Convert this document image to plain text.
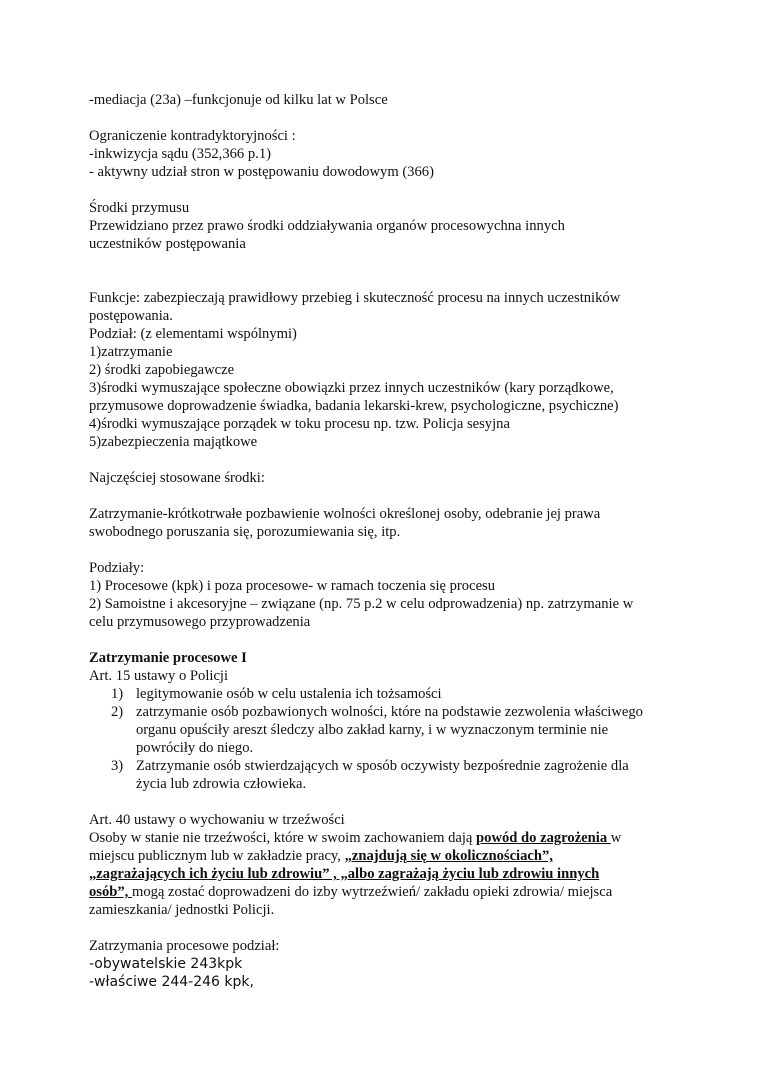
-mediacja (23a) –funkcjonuje od kilku lat w Polsce
Ograniczenie kontradyktoryjności :
-inkwizycja sądu (352,366 p.1)
- aktywny udział stron w postępowaniu dowodowym (366)
Środki przymusu
Przewidziano przez prawo środki oddziaływania organów procesowychna innych
uczestników postępowania
Funkcje: zabezpieczają prawidłowy przebieg i skuteczność procesu na innych uczestników
postępowania.
Podział: (z elementami wspólnymi)
1)zatrzymanie
2) środki zapobiegawcze
3)środki wymuszające społeczne obowiązki przez innych uczestników (kary porządkowe,
przymusowe doprowadzenie świadka, badania lekarski-krew, psychologiczne, psychiczne)
4)środki wymuszające porządek w toku procesu np. tzw. Policja sesyjna
5)zabezpieczenia majątkowe
Najczęściej stosowane środki:
Zatrzymanie-krótkotrwałe pozbawienie wolności określonej osoby, odebranie jej prawa
swobodnego poruszania się, porozumiewania się, itp.
Podziały:
1) Procesowe (kpk) i poza procesowe- w ramach toczenia się procesu
2) Samoistne i akcesoryjne – związane (np. 75 p.2 w celu odprowadzenia) np. zatrzymanie w
celu przymusowego przyprowadzenia
Zatrzymanie procesowe I
Art. 15 ustawy o Policji
1) legitymowanie osób w celu ustalenia ich tożsamości
2) zatrzymanie osób pozbawionych wolności, które na podstawie zezwolenia właściwego
organu opuściły areszt śledczy albo zakład karny, i w wyznaczonym terminie nie
powróciły do niego.
3) Zatrzymanie osób stwierdzających w sposób oczywisty bezpośrednie zagrożenie dla
życia lub zdrowia człowieka.
Art. 40 ustawy o wychowaniu w trzeźwości
Osoby w stanie nie trzeźwości, które w swoim zachowaniem dają powód do zagrożenia w
miejscu publicznym lub w zakładzie pracy, „znajdują się w okolicznościach”,
„zagrażających ich życiu lub zdrowiu” , „albo zagrażają życiu lub zdrowiu innych
osób”, mogą zostać doprowadzeni do izby wytrzeźwień/ zakładu opieki zdrowia/ miejsca
zamieszkania/ jednostki Policji.
Zatrzymania procesowe podział:
-obywatelskie 243kpk
-właściwe 244-246 kpk,
